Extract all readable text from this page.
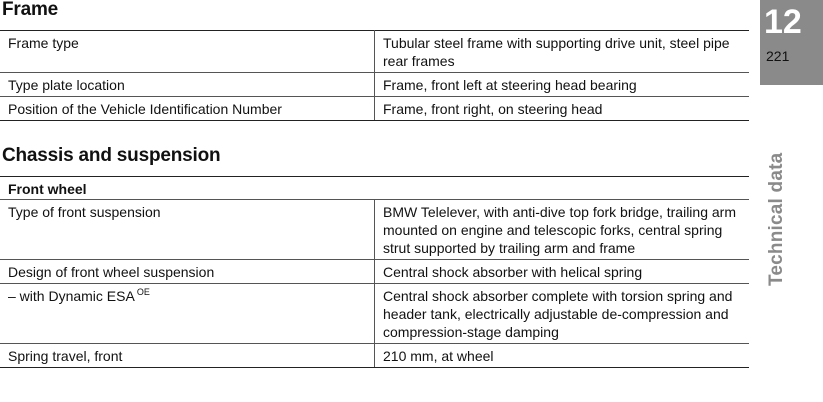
Frame
Frame type	Tubular steel frame with supporting drive unit, steel pipe rear frames
Type plate location	Frame, front left at steering head bearing
Position of the Vehicle Identification Number	Frame, front right, on steering head
Chassis and suspension
Front wheel	
Type of front suspension	BMW Telelever, with anti-dive top fork bridge, trailing arm mounted on engine and telescopic forks, central spring strut supported by trailing arm and frame
Design of front wheel suspension	Central shock absorber with helical spring
– with Dynamic ESA $^{OE}$	Central shock absorber complete with torsion spring and header tank, electrically adjustable de-compression and compression-stage damping
Spring travel, front	210 mm, at wheel
12
221
Technical data
